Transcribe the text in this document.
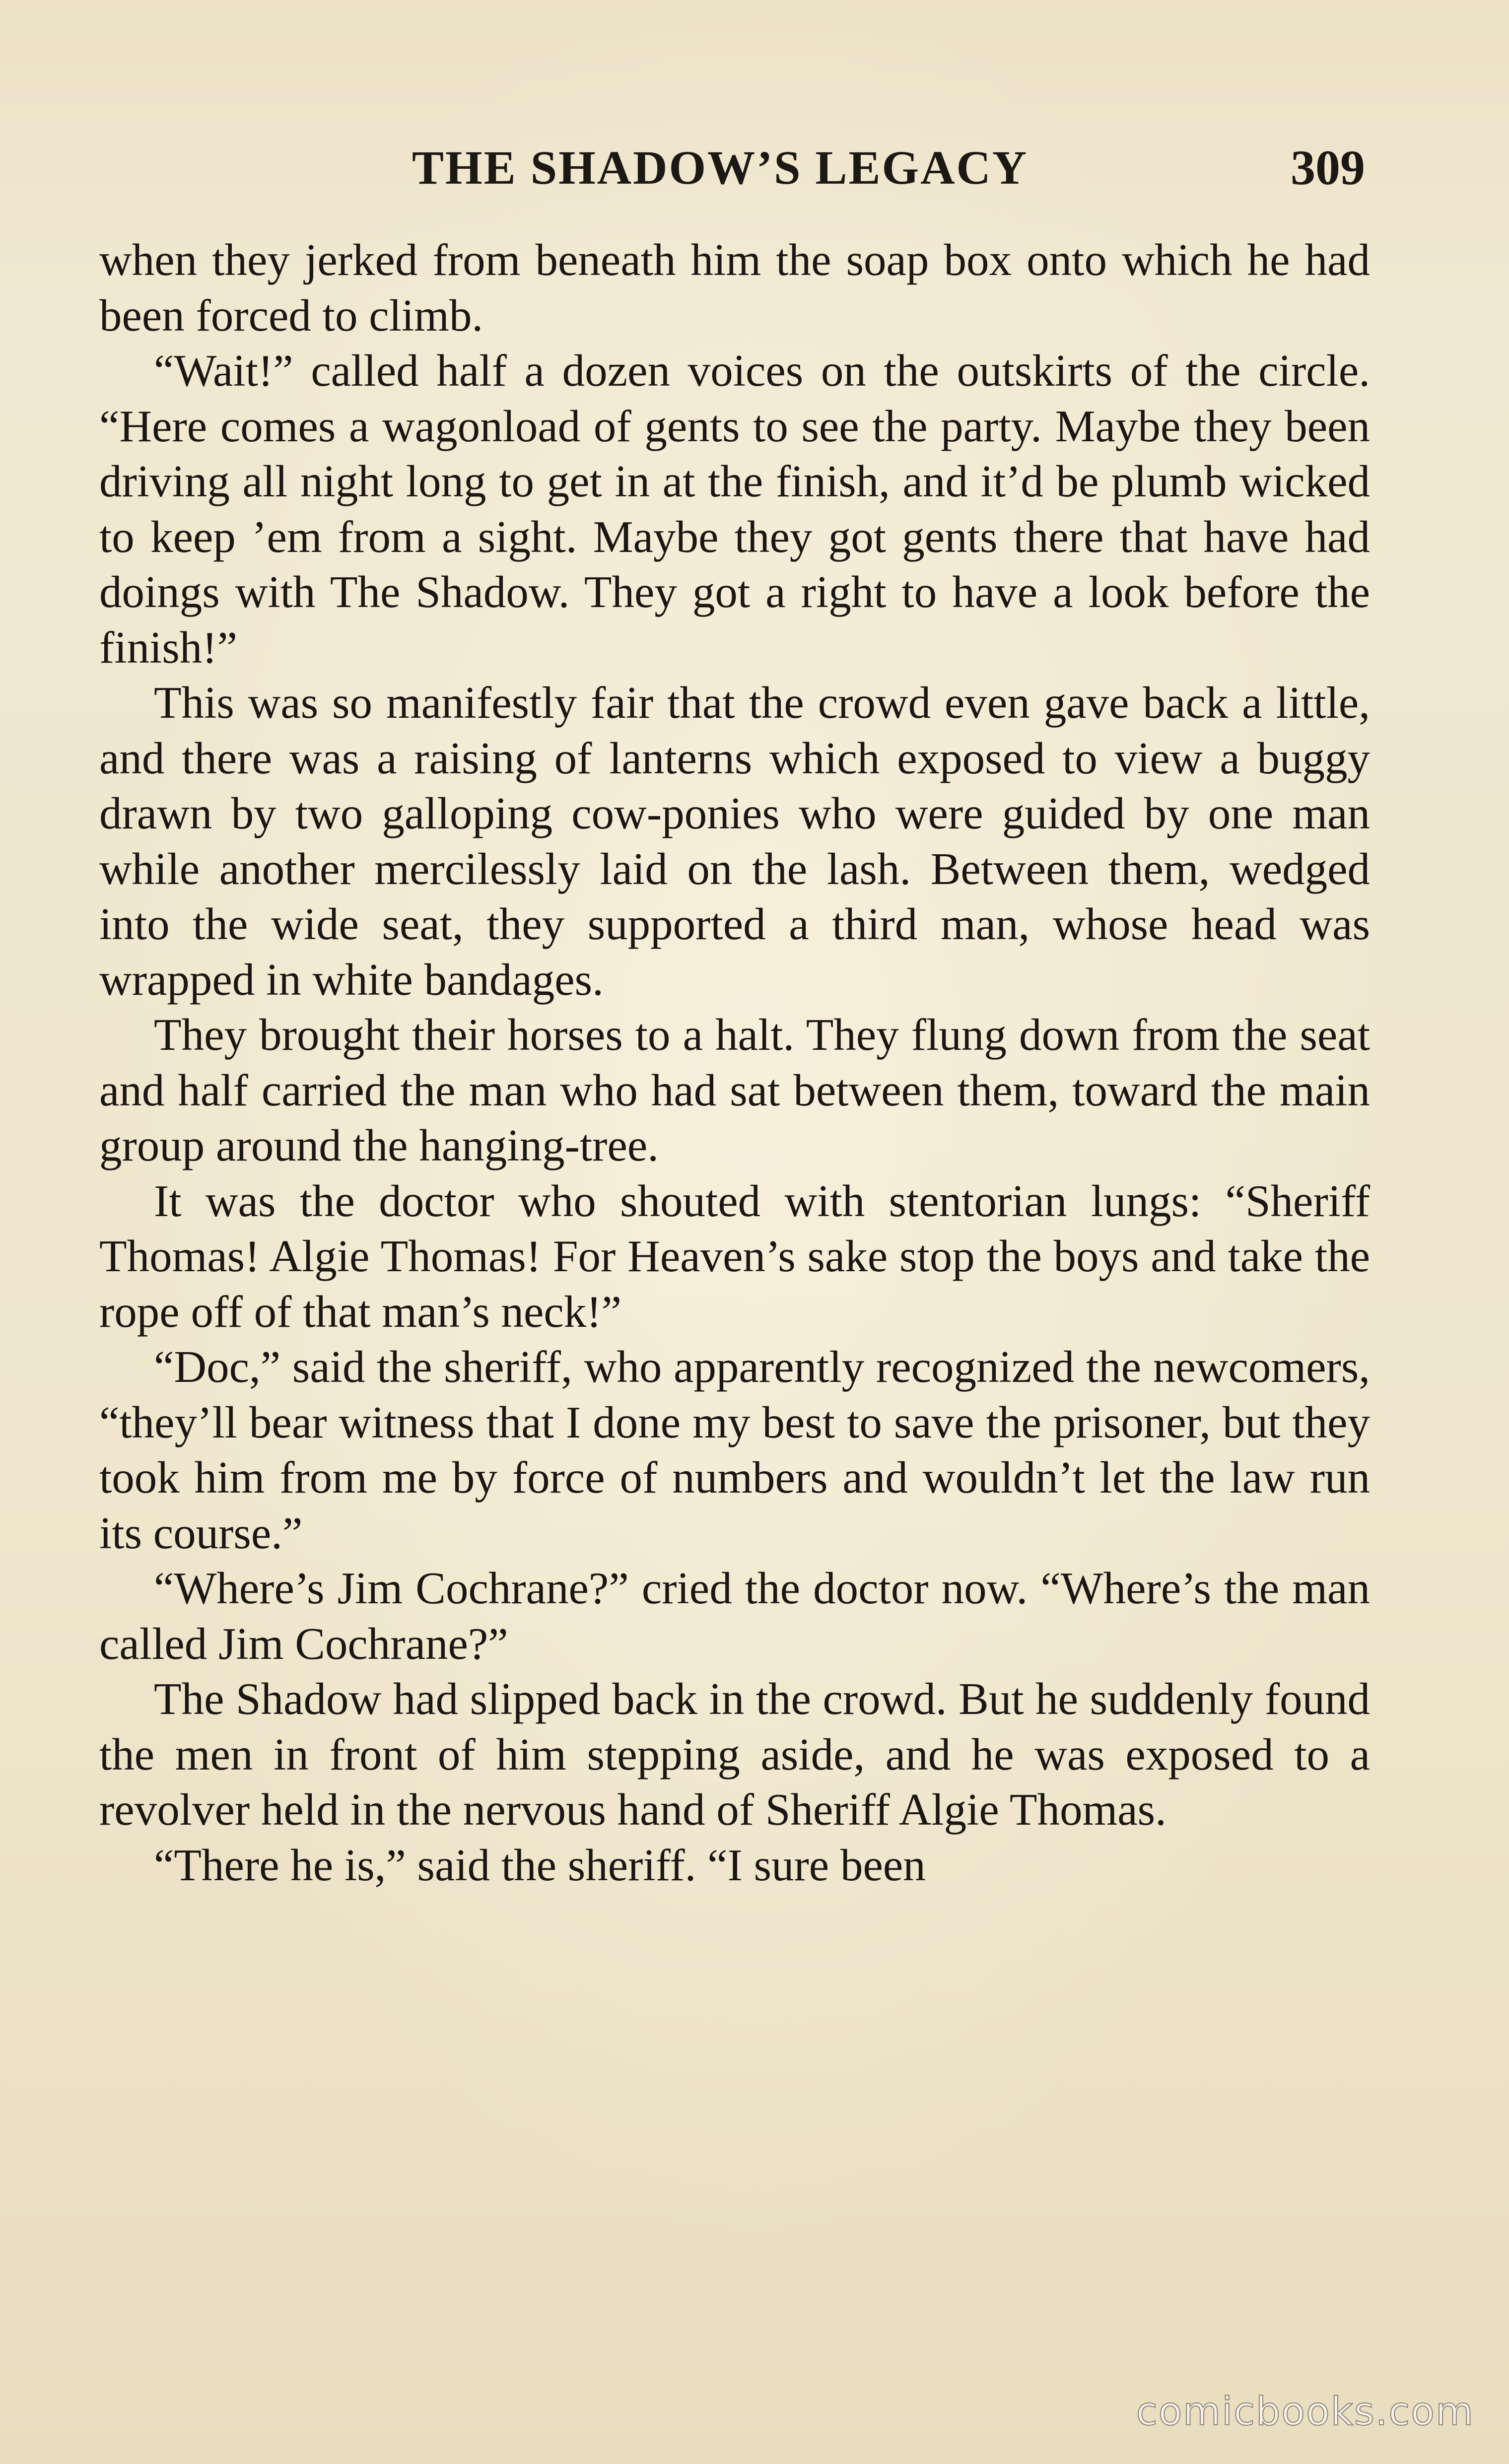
THE SHADOW’S LEGACY	309

when they jerked from beneath him the soap box onto which he had been forced to climb.

“Wait!” called half a dozen voices on the outskirts of the circle. “Here comes a wagonload of gents to see the party. Maybe they been driving all night long to get in at the finish, and it’d be plumb wicked to keep ’em from a sight. Maybe they got gents there that have had doings with The Shadow. They got a right to have a look before the finish!”

This was so manifestly fair that the crowd even gave back a little, and there was a raising of lanterns which exposed to view a buggy drawn by two galloping cow-ponies who were guided by one man while another mercilessly laid on the lash. Between them, wedged into the wide seat, they supported a third man, whose head was wrapped in white bandages.

They brought their horses to a halt. They flung down from the seat and half carried the man who had sat between them, toward the main group around the hanging-tree.

It was the doctor who shouted with stentorian lungs: “Sheriff Thomas! Algie Thomas! For Heaven’s sake stop the boys and take the rope off of that man’s neck!”

“Doc,” said the sheriff, who apparently recognized the newcomers, “they’ll bear witness that I done my best to save the prisoner, but they took him from me by force of numbers and wouldn’t let the law run its course.”

“Where’s Jim Cochrane?” cried the doctor now. “Where’s the man called Jim Cochrane?”

The Shadow had slipped back in the crowd. But he suddenly found the men in front of him stepping aside, and he was exposed to a revolver held in the nervous hand of Sheriff Algie Thomas.

“There he is,” said the sheriff. “I sure been

comicbooks.com
